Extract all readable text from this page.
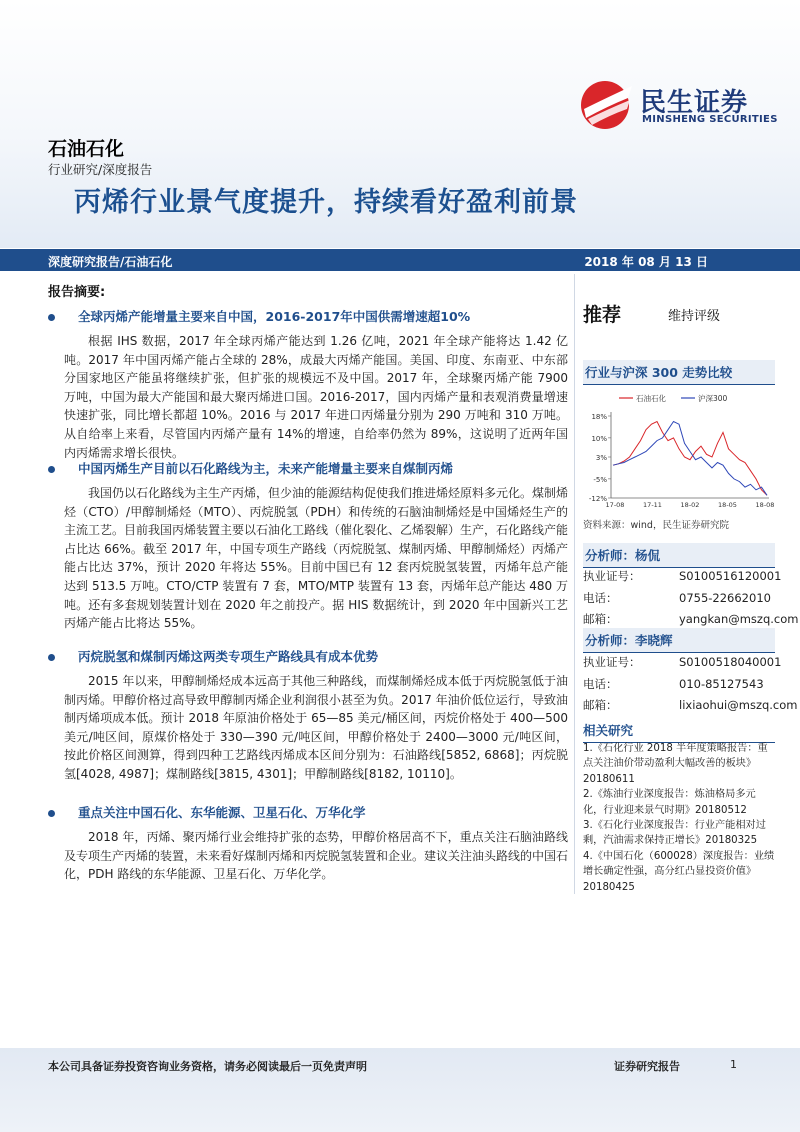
民生证券
MINSHENG SECURITIES
石油石化
行业研究/深度报告
丙烯行业景气度提升，持续看好盈利前景
深度研究报告/石油石化	2018 年 08 月 13 日
报告摘要:
全球丙烯产能增量主要来自中国，2016-2017年中国供需增速超10%
根据 IHS 数据，2017 年全球丙烯产能达到 1.26 亿吨，2021 年全球产能将达 1.42 亿吨。2017 年中国丙烯产能占全球的 28%，成最大丙烯产能国。美国、印度、东南亚、中东部分国家地区产能虽将继续扩张，但扩张的规模远不及中国。2017 年，全球聚丙烯产能 7900 万吨，中国为最大产能国和最大聚丙烯进口国。2016-2017，国内丙烯产量和表观消费量增速快速扩张，同比增长都超 10%。2016 与 2017 年进口丙烯量分别为 290 万吨和 310 万吨。从自给率上来看，尽管国内丙烯产量有 14%的增速，自给率仍然为 89%，这说明了近两年国内丙烯需求增长很快。
中国丙烯生产目前以石化路线为主，未来产能增量主要来自煤制丙烯
我国仍以石化路线为主生产丙烯，但少油的能源结构促使我们推进烯烃原料多元化。煤制烯烃（CTO）/甲醇制烯烃（MTO）、丙烷脱氢（PDH）和传统的石脑油制烯烃是中国烯烃生产的主流工艺。目前我国丙烯装置主要以石油化工路线（催化裂化、乙烯裂解）生产，石化路线产能占比达 66%。截至 2017 年，中国专项生产路线（丙烷脱氢、煤制丙烯、甲醇制烯烃）丙烯产能占比达 37%，预计 2020 年将达 55%。目前中国已有 12 套丙烷脱氢装置，丙烯年总产能达到 513.5 万吨。CTO/CTP 装置有 7 套，MTO/MTP 装置有 13 套，丙烯年总产能达 480 万吨。还有多套规划装置计划在 2020 年之前投产。据 HIS 数据统计，到 2020 年中国新兴工艺丙烯产能占比将达 55%。
丙烷脱氢和煤制丙烯这两类专项生产路线具有成本优势
2015 年以来，甲醇制烯烃成本远高于其他三种路线，而煤制烯烃成本低于丙烷脱氢低于油制丙烯。甲醇价格过高导致甲醇制丙烯企业利润很小甚至为负。2017 年油价低位运行，导致油制丙烯项成本低。预计 2018 年原油价格处于 65—85 美元/桶区间，丙烷价格处于 400—500 美元/吨区间，原煤价格处于 330—390 元/吨区间，甲醇价格处于 2400—3000 元/吨区间，按此价格区间测算，得到四种工艺路线丙烯成本区间分别为：石油路线[5852, 6868]；丙烷脱氢[4028, 4987]；煤制路线[3815, 4301]；甲醇制路线[8182, 10110]。
重点关注中国石化、东华能源、卫星石化、万华化学
2018 年，丙烯、聚丙烯行业会维持扩张的态势，甲醇价格居高不下，重点关注石脑油路线及专项生产丙烯的装置，未来看好煤制丙烯和丙烷脱氢装置和企业。建议关注油头路线的中国石化，PDH 路线的东华能源、卫星石化、万华化学。
推荐	维持评级
行业与沪深 300 走势比较
18%
10%
3%
-5%
-12%
17-08	17-11	18-02	18-05	18-08
石油石化	沪深300
资料来源：wind，民生证券研究院
分析师：杨侃
执业证号：	S0100516120001
电话：	0755-22662010
邮箱：	yangkan@mszq.com
分析师：李晓辉
执业证号：	S0100518040001
电话：	010-85127543
邮箱：	lixiaohui@mszq.com
相关研究
1.《石化行业 2018 半年度策略报告：重点关注油价带动盈利大幅改善的板块》20180611
2.《炼油行业深度报告：炼油格局多元化，行业迎来景气时期》20180512
3.《石化行业深度报告：行业产能相对过剩，汽油需求保持正增长》20180325
4.《中国石化（600028）深度报告：业绩增长确定性强，高分红凸显投资价值》20180425
本公司具备证券投资咨询业务资格，请务必阅读最后一页免责声明	证券研究报告	1
